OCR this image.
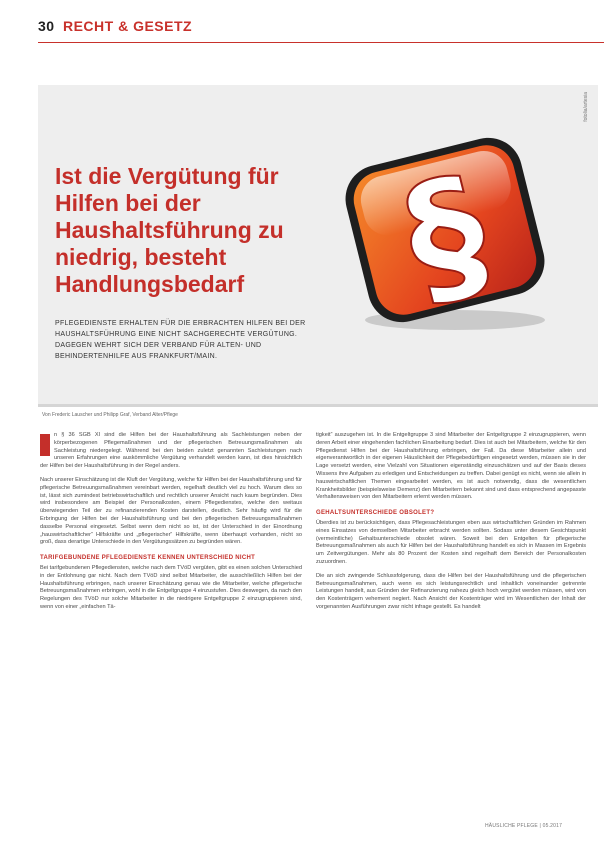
30 RECHT & GESETZ
fotolia/artesia
Ist die Vergütung für Hilfen bei der Haushaltsführung zu niedrig, besteht Handlungsbedarf

PFLEGEDIENSTE ERHALTEN FÜR DIE ERBRACHTEN HILFEN BEI DER HAUSHALTSFÜHRUNG EINE NICHT SACHGERECHTE VERGÜTUNG. DAGEGEN WEHRT SICH DER VERBAND FÜR ALTEN- UND BEHINDERTENHILFE AUS FRANKFURT/MAIN.

§
Von Frederic Lauscher und Philipp Graf, Verband Alter/Pflege

n § 36 SGB XI sind die Hilfen bei der Haushaltsführung als Sachleistungen neben der körperbezogenen Pflegemaßnahmen und der pflegerischen Betreuungsmaßnahmen als Sachleistung niedergelegt. Während bei den beiden zuletzt genannten Sachleistungen nach unseren Erfahrungen eine auskömmliche Vergütung verhandelt werden kann, ist dies hinsichtlich der Hilfen bei der Haushaltsführung in der Regel anders.

Nach unserer Einschätzung ist die Kluft der Vergütung, welche für Hilfen bei der Haushaltsführung und für pflegerische Betreuungsmaßnahmen vereinbart werden, regelhaft deutlich viel zu hoch. Warum dies so ist, lässt sich zumindest betriebswirtschaftlich und rechtlich unserer Ansicht nach kaum begründen. Dies wird insbesondere am Beispiel der Personalkosten, einem Pflegedienstes, welche den weitaus überwiegenden Teil der zu refinanzierenden Kosten darstellen, deutlich. Sehr häufig wird für die Erbringung der Hilfen bei der Haushaltsführung und bei den pflegerischen Betreuungsmaßnahmen dasselbe Personal eingesetzt. Selbst wenn dem nicht so ist, ist der Unterschied in der Einordnung „hauswirtschaftlicher“ Hilfskräfte und „pflegerischer“ Hilfskräfte, wenn überhaupt vorhanden, nicht so groß, dass derartige Unterschiede in den Vergütungssätzen zu begründen wären.

TARIFGEBUNDENE PFLEGEDIENSTE KENNEN UNTERSCHIED NICHT

Bei tarifgebundenen Pflegediensten, welche nach dem TVöD vergüten, gibt es einen solchen Unterschied in der Entlohnung gar nicht. Nach dem TVöD sind selbst Mitarbeiter, die ausschließlich Hilfen bei der Haushaltsführung erbringen, nach unserer Einschätzung genau wie die Mitarbeiter, welche pflegerische Betreuungsmaßnahmen erbringen, wohl in die Entgeltgruppe 4 einzustufen. Dies deswegen, da nach den Regelungen des TVöD nur solche Mitarbeiter in die niedrigere Entgeltgruppe 2 einzugruppieren sind, wenn von einer „einfachen Tä-

tigkeit“ auszugehen ist. In die Entgeltgruppe 3 sind Mitarbeiter der Entgeltgruppe 2 einzugruppieren, wenn deren Arbeit einer eingehenden fachlichen Einarbeitung bedarf. Dies ist auch bei Mitarbeitern, welche für den Pflegedienst Hilfen bei der Haushaltsführung erbringen, der Fall. Da diese Mitarbeiter allein und eigenverantwortlich in der eigenen Häuslichkeit der Pflegebedürftigen eingesetzt werden, müssen sie in der Lage versetzt werden, eine Vielzahl von Situationen eigenständig einzuschätzen und auf der Basis dieses Wissens ihre Aufgaben zu erledigen und Entscheidungen zu treffen. Dabei genügt es nicht, wenn sie allein in hauswirtschaftlichen Themen eingearbeitet werden, es ist auch notwendig, dass die wesentlichen Krankheitsbilder (beispielsweise Demenz) den Mitarbeitern bekannt sind und dass entsprechend angepasste Verhaltensweisen von den Mitarbeitern erlernt werden müssen.

GEHALTSUNTERSCHIEDE OBSOLET?

Überdies ist zu berücksichtigen, dass Pflegesachleistungen eben aus wirtschaftlichen Gründen im Rahmen eines Einsatzes von demselben Mitarbeiter erbracht werden sollten. Sodass unter diesem Gesichtspunkt (vermeintliche) Gehaltsunterschiede obsolet wären. Soweit bei den Entgelten für pflegerische Betreuungsmaßnahmen als auch für Hilfen bei der Haushaltsführung handelt es sich in Massen im Ergebnis um Zeitvergütungen. Mehr als 80 Prozent der Kosten sind regelhaft dem Bereich der Personalkosten zuzuordnen.

Die an sich zwingende Schlussfolgerung, dass die Hilfen bei der Haushaltsführung und die pflegerischen Betreuungsmaßnahmen, auch wenn es sich leistungsrechtlich und inhaltlich voneinander getrennte Leistungen handelt, aus Gründen der Refinanzierung nahezu gleich hoch vergütet werden müssen, wird von den Kostenträgern vehement negiert. Nach Ansicht der Kostenträger wird im Wesentlichen der Inhalt der vorgenannten Ausführungen zwar nicht infrage gestellt. Es handelt

HÄUSLICHE PFLEGE | 05.2017
